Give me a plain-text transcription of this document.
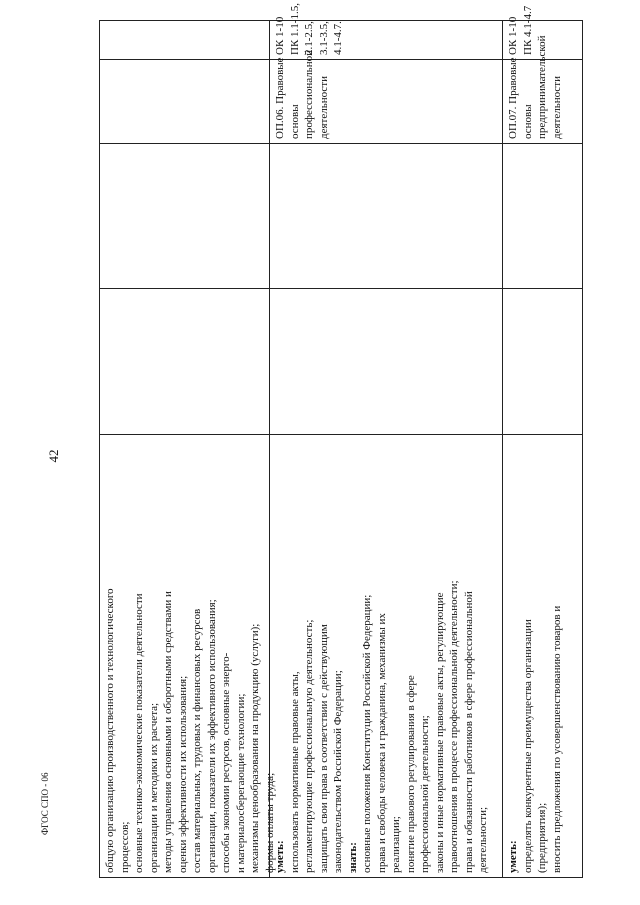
42
ФГОС СПО - 06	общую организацию производственного и технологического процессов; основные технико-экономические показатели деятельности организации и методики их расчета; методы управления основными и оборотными средствами и оценки эффективности их использования; состав материальных, трудовых и финансовых ресурсов организации, показатели их эффективного использования; способы экономии ресурсов, основные энерго- и материалосберегающие технологии; механизмы ценообразования на продукцию (услуги); формы оплаты труда;
уметь: использовать нормативные правовые акты, регламентирующие профессиональную деятельность; защищать свои права в соответствии с действующим законодательством Российской Федерации; знать: основные положения Конституции Российской Федерации; права и свободы человека и гражданина, механизмы их реализации; понятие правового регулирования в сфере профессиональной деятельности; законы и иные нормативные правовые акты, регулирующие правоотношения в процессе профессиональной деятельности; права и обязанности работников в сфере профессиональной деятельности;
ОП.06. Правовые основы профессиональной деятельности
ОК 1-10 ПК 1.1-1.5, 2.1-2.5, 3.1-3.5, 4.1-4.7.
уметь: определять конкурентные преимущества организации (предприятия); вносить предложения по усовершенствованию товаров и
ОП.07. Правовые основы предпринимательской деятельности
ОК 1-10 ПК 4.1-4.7
